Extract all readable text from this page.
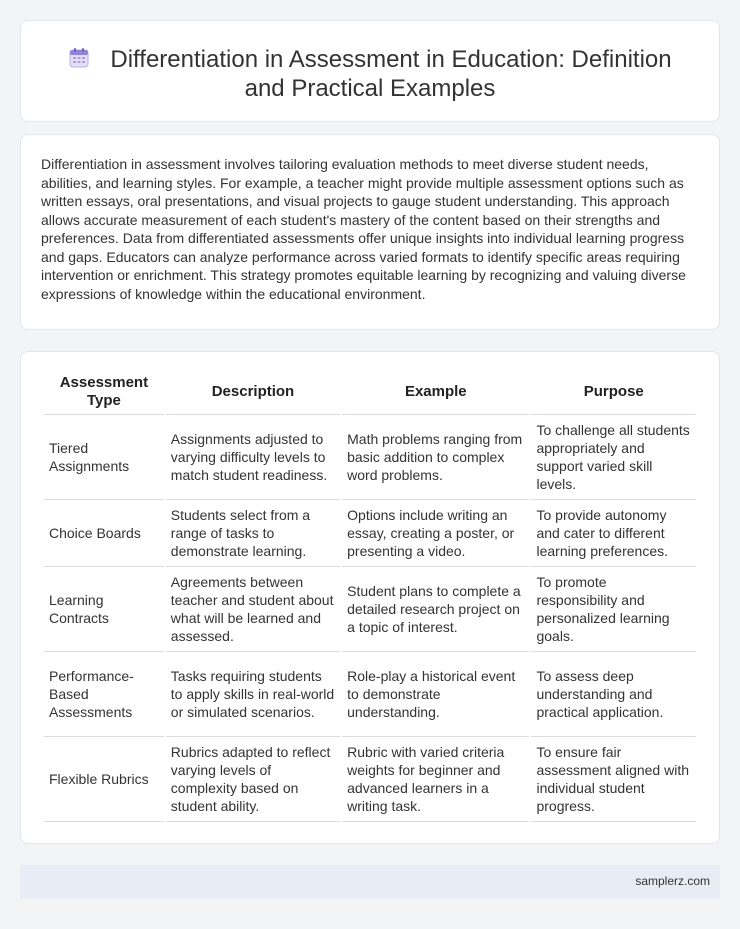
Differentiation in Assessment in Education: Definition and Practical Examples

Differentiation in assessment involves tailoring evaluation methods to meet diverse student needs, abilities, and learning styles. For example, a teacher might provide multiple assessment options such as written essays, oral presentations, and visual projects to gauge student understanding. This approach allows accurate measurement of each student's mastery of the content based on their strengths and preferences. Data from differentiated assessments offer unique insights into individual learning progress and gaps. Educators can analyze performance across varied formats to identify specific areas requiring intervention or enrichment. This strategy promotes equitable learning by recognizing and valuing diverse expressions of knowledge within the educational environment.

Assessment Type	Description	Example	Purpose
Tiered Assignments	Assignments adjusted to varying difficulty levels to match student readiness.	Math problems ranging from basic addition to complex word problems.	To challenge all students appropriately and support varied skill levels.
Choice Boards	Students select from a range of tasks to demonstrate learning.	Options include writing an essay, creating a poster, or presenting a video.	To provide autonomy and cater to different learning preferences.
Learning Contracts	Agreements between teacher and student about what will be learned and assessed.	Student plans to complete a detailed research project on a topic of interest.	To promote responsibility and personalized learning goals.
Performance-Based Assessments	Tasks requiring students to apply skills in real-world or simulated scenarios.	Role-play a historical event to demonstrate understanding.	To assess deep understanding and practical application.
Flexible Rubrics	Rubrics adapted to reflect varying levels of complexity based on student ability.	Rubric with varied criteria weights for beginner and advanced learners in a writing task.	To ensure fair assessment aligned with individual student progress.
samplerz.com
